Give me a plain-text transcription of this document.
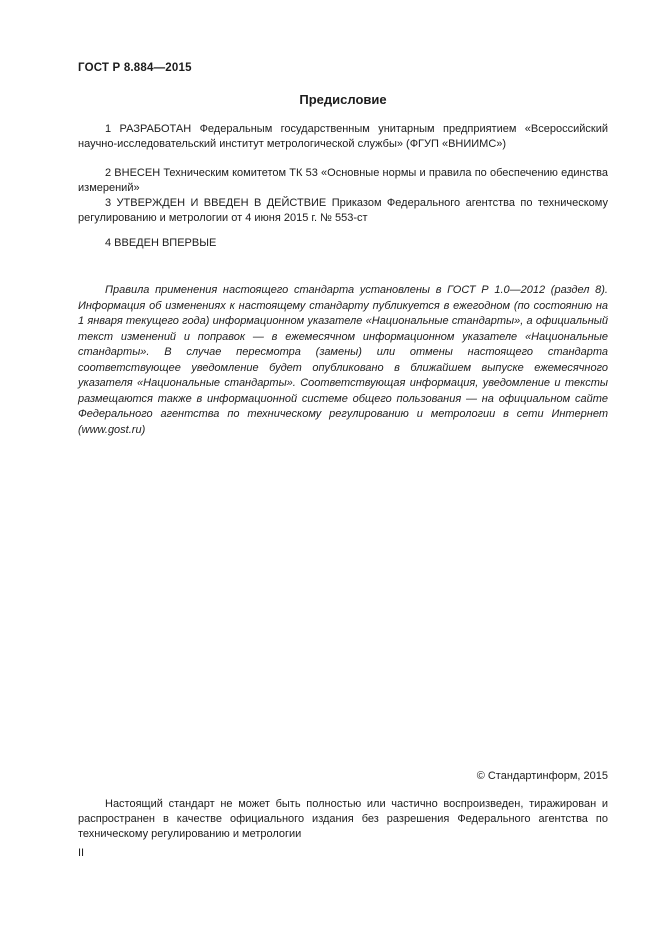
ГОСТ Р 8.884—2015
Предисловие

1 РАЗРАБОТАН Федеральным государственным унитарным предприятием «Всероссийский научно-исследовательский институт метрологической службы» (ФГУП «ВНИИМС»)

2 ВНЕСЕН Техническим комитетом ТК 53 «Основные нормы и правила по обеспечению единства измерений»

3 УТВЕРЖДЕН И ВВЕДЕН В ДЕЙСТВИЕ Приказом Федерального агентства по техническому регулированию и метрологии от 4 июня 2015 г. № 553-ст

4 ВВЕДЕН ВПЕРВЫЕ

Правила применения настоящего стандарта установлены в ГОСТ Р 1.0—2012 (раздел 8). Информация об изменениях к настоящему стандарту публикуется в ежегодном (по состоянию на 1 января текущего года) информационном указателе «Национальные стандарты», а официальный текст изменений и поправок — в ежемесячном информационном указателе «Национальные стандарты». В случае пересмотра (замены) или отмены настоящего стандарта соответствующее уведомление будет опубликовано в ближайшем выпуске ежемесячного указателя «Национальные стандарты». Соответствующая информация, уведомление и тексты размещаются также в информационной системе общего пользования — на официальном сайте Федерального агентства по техническому регулированию и метрологии в сети Интернет (www.gost.ru)

© Стандартинформ, 2015

Настоящий стандарт не может быть полностью или частично воспроизведен, тиражирован и распространен в качестве официального издания без разрешения Федерального агентства по техническому регулированию и метрологии

II
